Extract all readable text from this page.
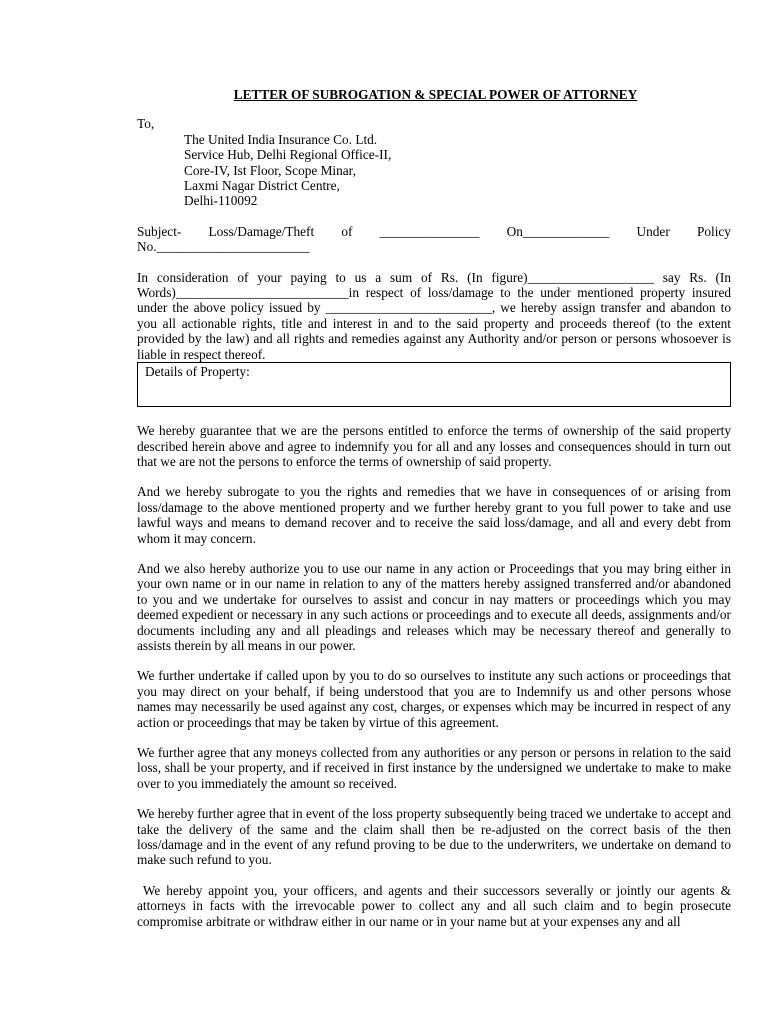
LETTER OF SUBROGATION & SPECIAL POWER OF ATTORNEY
To,
The United India Insurance Co. Ltd.
Service Hub, Delhi Regional Office-II,
Core-IV, Ist Floor, Scope Minar,
Laxmi Nagar District Centre,
Delhi-110092
Subject- Loss/Damage/Theft of _______________ On_____________ Under Policy
No._______________________

In consideration of your paying to us a sum of Rs. (In figure)___________________ say Rs. (In Words)__________________________in respect of loss/damage to the under mentioned property insured under the above policy issued by _________________________, we hereby assign transfer and abandon to you all actionable rights, title and interest in and to the said property and proceeds thereof (to the extent provided by the law) and all rights and remedies against any Authority and/or person or persons whosoever is liable in respect thereof.

Details of Property:

We hereby guarantee that we are the persons entitled to enforce the terms of ownership of the said property described herein above and agree to indemnify you for all and any losses and consequences should in turn out that we are not the persons to enforce the terms of ownership of said property.

And we hereby subrogate to you the rights and remedies that we have in consequences of or arising from loss/damage to the above mentioned property and we further hereby grant to you full power to take and use lawful ways and means to demand recover and to receive the said loss/damage, and all and every debt from whom it may concern.

And we also hereby authorize you to use our name in any action or Proceedings that you may bring either in your own name or in our name in relation to any of the matters hereby assigned transferred and/or abandoned to you and we undertake for ourselves to assist and concur in nay matters or proceedings which you may deemed expedient or necessary in any such actions or proceedings and to execute all deeds, assignments and/or documents including any and all pleadings and releases which may be necessary thereof and generally to assists therein by all means in our power.

We further undertake if called upon by you to do so ourselves to institute any such actions or proceedings that you may direct on your behalf, if being understood that you are to Indemnify us and other persons whose names may necessarily be used against any cost, charges, or expenses which may be incurred in respect of any action or proceedings that may be taken by virtue of this agreement.

We further agree that any moneys collected from any authorities or any person or persons in relation to the said loss, shall be your property, and if received in first instance by the undersigned we undertake to make to make over to you immediately the amount so received.

We hereby further agree that in event of the loss property subsequently being traced we undertake to accept and take the delivery of the same and the claim shall then be re-adjusted on the correct basis of the then loss/damage and in the event of any refund proving to be due to the underwriters, we undertake on demand to make such refund to you.

We hereby appoint you, your officers, and agents and their successors severally or jointly our agents & attorneys in facts with the irrevocable power to collect any and all such claim and to begin prosecute compromise arbitrate or withdraw either in our name or in your name but at your expenses any and all
